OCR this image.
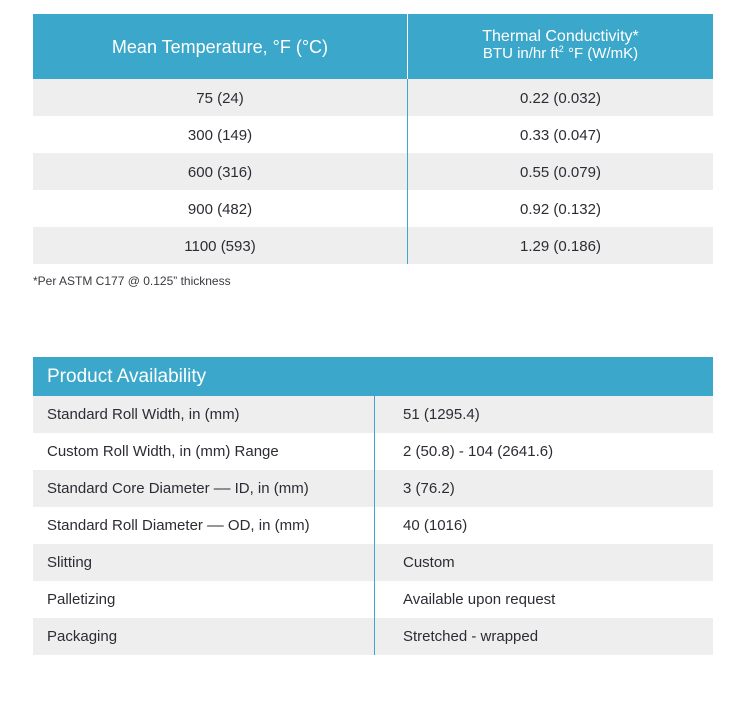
Mean Temperature, °F (°C)
Thermal Conductivity*
BTU in/hr $ft^2$ °F (W/mK)
75 (24)	0.22 (0.032)
300 (149)	0.33 (0.047)
600 (316)	0.55 (0.079)
900 (482)	0.92 (0.132)
1100 (593)	1.29 (0.186)
*Per ASTM C177 @ 0.125” thickness
Product Availability
Standard Roll Width, in (mm)	51 (1295.4)
Custom Roll Width, in (mm) Range	2 (50.8) - 104 (2641.6)
Standard Core Diameter –– ID, in (mm)	3 (76.2)
Standard Roll Diameter –– OD, in (mm)	40 (1016)
Slitting	Custom
Palletizing	Available upon request
Packaging	Stretched - wrapped
